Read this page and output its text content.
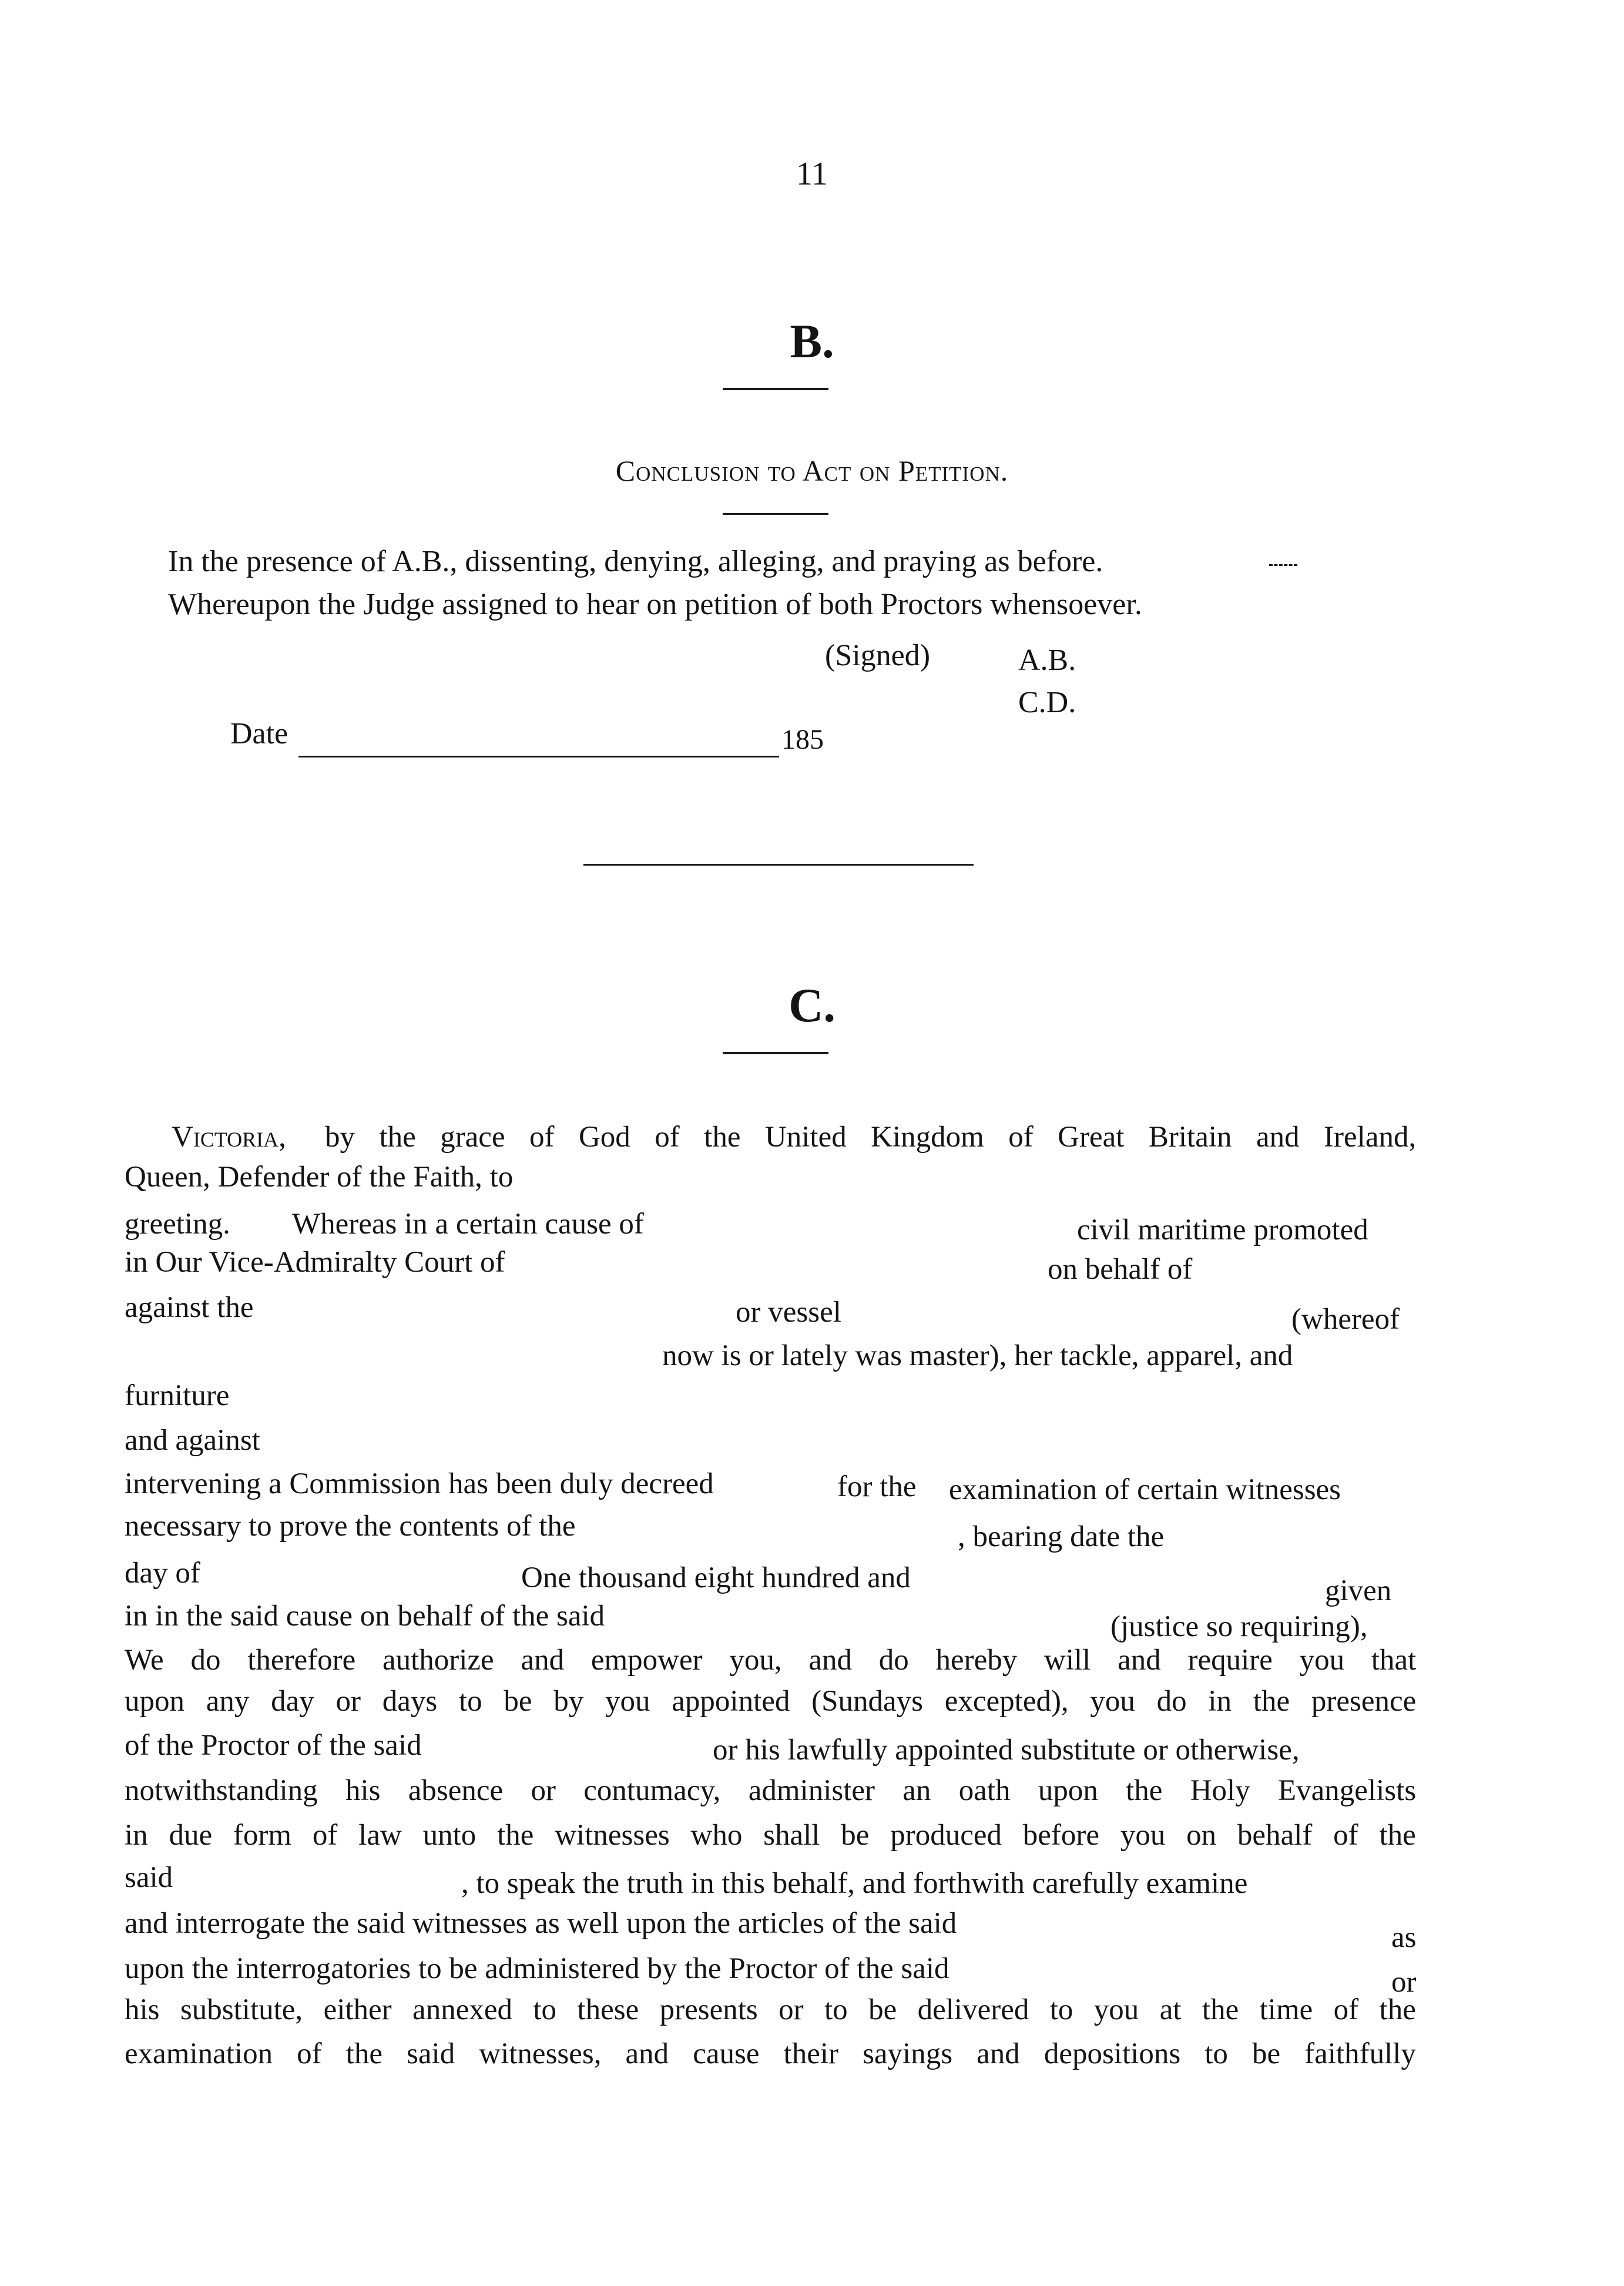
11
B.
Conclusion to Act on Petition.
In the presence of A.B., dissenting, denying, alleging, and praying as before.
Whereupon the Judge assigned to hear on petition of both Proctors whensoever.
(Signed)	A.B.
C.D.
Date	185
C.
Victoria, by the grace of God of the United Kingdom of Great Britain and Ireland,
Queen, Defender of the Faith, to
greeting. Whereas in a certain cause of	civil maritime promoted
in Our Vice-Admiralty Court of	on behalf of
against the	or vessel	(whereof
now is or lately was master), her tackle, apparel, and
furniture
and against
intervening a Commission has been duly decreed	for the examination of certain witnesses
necessary to prove the contents of the	, bearing date the
day of	One thousand eight hundred and	given
in in the said cause on behalf of the said	(justice so requiring),
We do therefore authorize and empower you, and do hereby will and require you that
upon any day or days to be by you appointed (Sundays excepted), you do in the presence
of the Proctor of the said	or his lawfully appointed substitute or otherwise,
notwithstanding his absence or contumacy, administer an oath upon the Holy Evangelists
in due form of law unto the witnesses who shall be produced before you on behalf of the
said	, to speak the truth in this behalf, and forthwith carefully examine
and interrogate the said witnesses as well upon the articles of the said	as
upon the interrogatories to be administered by the Proctor of the said	or
his substitute, either annexed to these presents or to be delivered to you at the time of the
examination of the said witnesses, and cause their sayings and depositions to be faithfully
